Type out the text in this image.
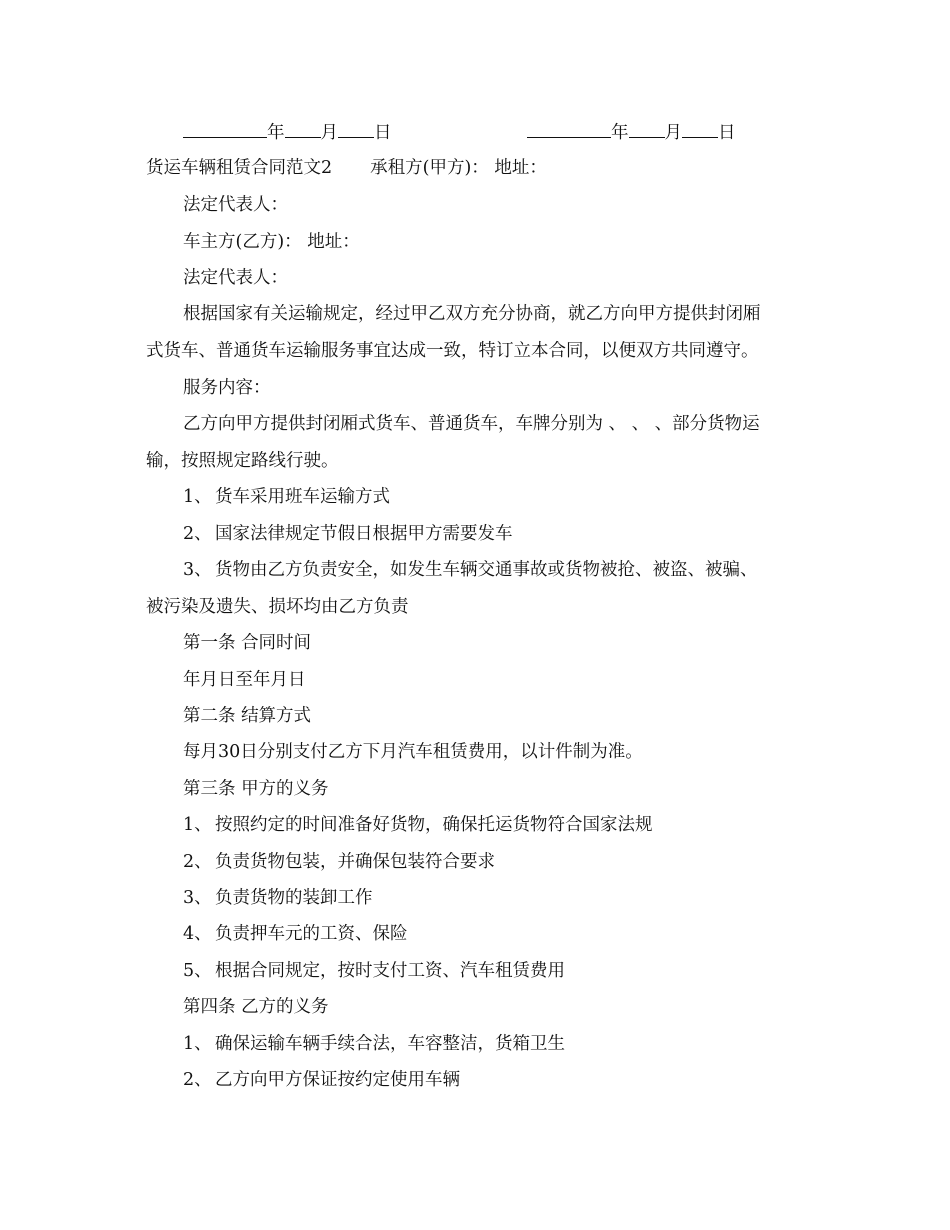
年 月 日	年 月 日
货运车辆租赁合同范文2 承租方(甲方)： 地址：
法定代表人：
车主方(乙方)： 地址：
法定代表人：
根据国家有关运输规定，经过甲乙双方充分协商，就乙方向甲方提供封闭厢
式货车、普通货车运输服务事宜达成一致，特订立本合同，以便双方共同遵守。
服务内容：
乙方向甲方提供封闭厢式货车、普通货车，车牌分别为 、 、 、部分货物运
输，按照规定路线行驶。
1、 货车采用班车运输方式
2、 国家法律规定节假日根据甲方需要发车
3、 货物由乙方负责安全，如发生车辆交通事故或货物被抢、被盗、被骗、
被污染及遗失、损坏均由乙方负责
第一条 合同时间
年月日至年月日
第二条 结算方式
每月30日分别支付乙方下月汽车租赁费用，以计件制为准。
第三条 甲方的义务
1、 按照约定的时间准备好货物，确保托运货物符合国家法规
2、 负责货物包装，并确保包装符合要求
3、 负责货物的装卸工作
4、 负责押车元的工资、保险
5、 根据合同规定，按时支付工资、汽车租赁费用
第四条 乙方的义务
1、 确保运输车辆手续合法，车容整洁，货箱卫生
2、 乙方向甲方保证按约定使用车辆
